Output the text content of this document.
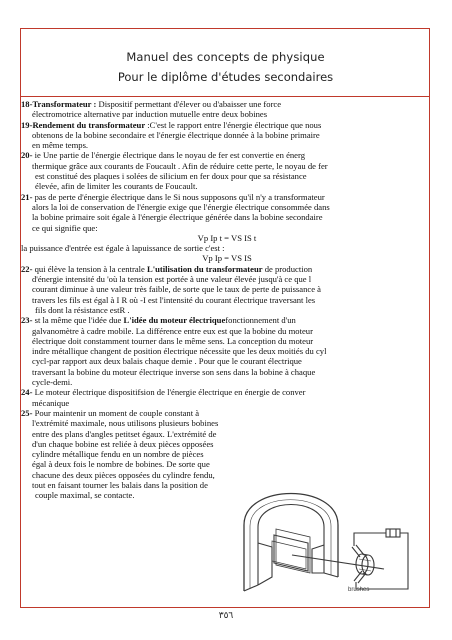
Manuel des concepts de physique
Pour le diplôme d'études secondaires
18-Transformateur : Dispositif permettant d'élever ou d'abaisser une force
électromotrice alternative par induction mutuelle entre deux bobines
19-Rendement du transformateur :C'est le rapport entre l'énergie électrique que nous
obtenons de la bobine secondaire et l'énergie électrique donnée à la bobine primaire
en même temps.
20- ie Une partie de l'énergie électrique dans le noyau de fer est convertie en énerg
thermique grâce aux courants de Foucault . Afin de réduire cette perte, le noyau de fer
est constitué des plaques i solées de silicium en fer doux pour que sa résistance
élevée, afin de limiter les courants de Foucault.
21- pas de perte d'énergie électrique dans le Si nous supposons qu'il n'y a transformateur
alors la loi de conservation de l'énergie exige que l'énergie électrique consommée dans
la bobine primaire soit égale à l'énergie électrique générée dans la bobine secondaire
ce qui signifie que:
Vp Ip t = VS IS t
la puissance d'entrée est égale à lapuissance de sortie c'est :
Vp Ip = VS IS
22- qui élève la tension à la centrale L'utilisation du transformateur de production
d'énergie intensité du 'où la tension est portée à une valeur élevée jusqu'à ce que l
courant diminue à une valeur très faible, de sorte que le taux de perte de puissance à
travers les fils est égal à I R où -I est l'intensité du courant électrique traversant les
fils dont la résistance estR .
23- st la même que l'idée due L'idée du moteur électriquefonctionnement d'un
galvanomètre à cadre mobile. La différence entre eux est que la bobine du moteur
électrique doit constamment tourner dans le même sens. La conception du moteur
indre métallique changent de position électrique nécessite que les deux moitiés du cyl
cycl-par rapport aux deux balais chaque demie . Pour que le courant électrique
traversant la bobine du moteur électrique inverse son sens dans la bobine à chaque
cycle-demi.
24- Le moteur électrique dispositifsion de l'énergie électrique en énergie de conver
mécanique
25- Pour maintenir un moment de couple constant à
l'extrémité maximale, nous utilisons plusieurs bobines
entre des plans d'angles petitset égaux. L'extrémité de
d'un chaque bobine est reliée à deux pièces opposées
cylindre métallique fendu en un nombre de pièces
égal à deux fois le nombre de bobines. De sorte que
chacune des deux pièces opposées du cylindre fendu,
tout en faisant tourner les balais dans la position de
couple maximal, se contacte.
brushes
٣٥٦
